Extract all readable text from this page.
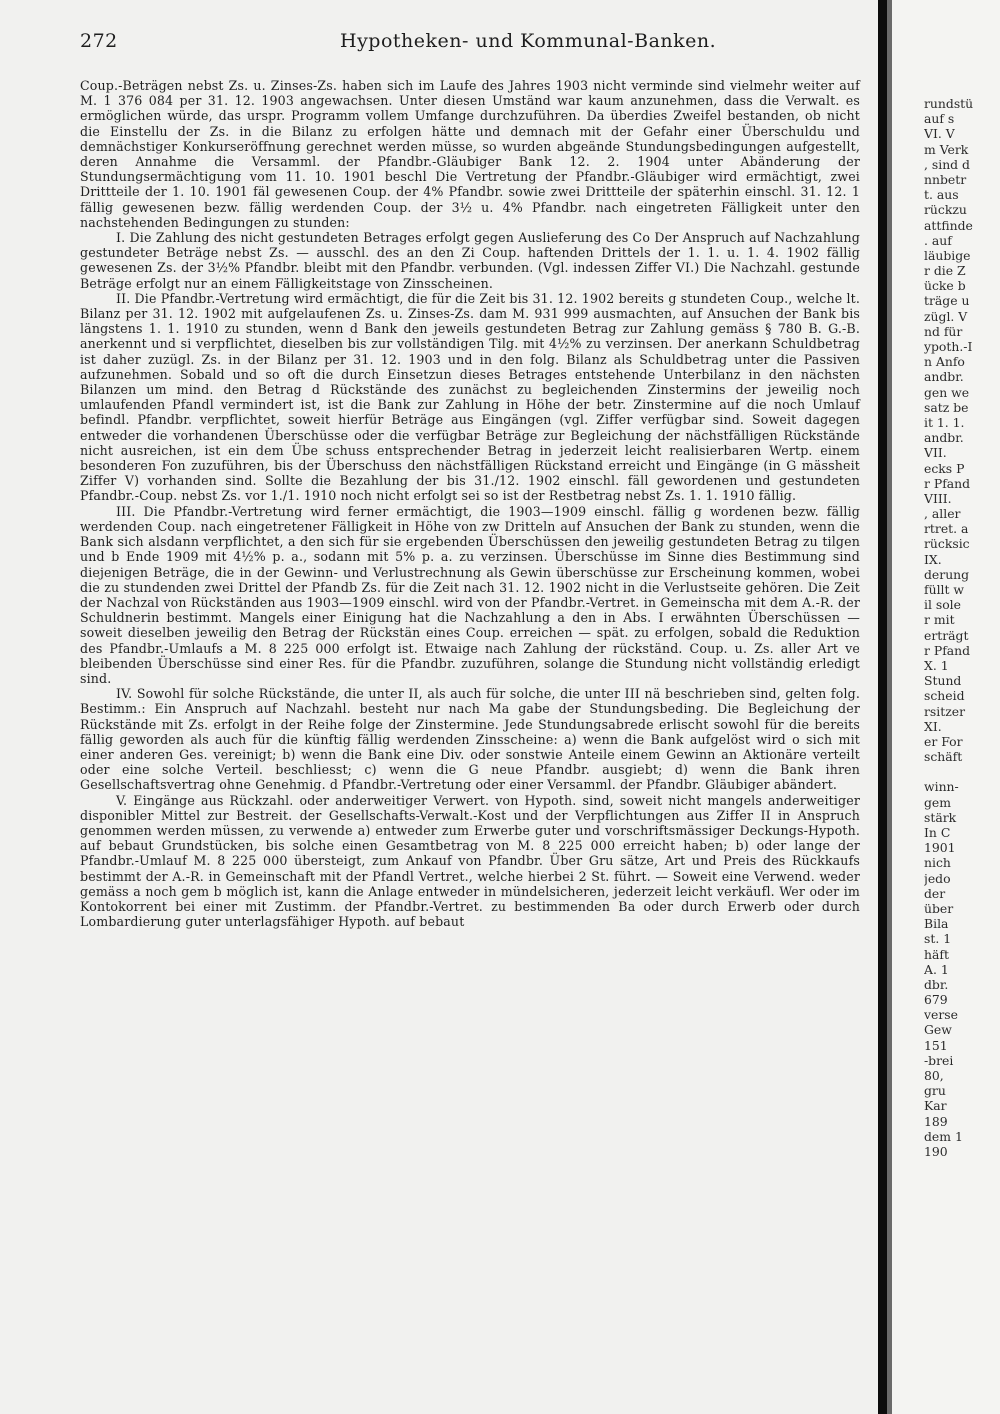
272	Hypotheken- und Kommunal-Banken.

Coup.-Beträgen nebst Zs. u. Zinses-Zs. haben sich im Laufe des Jahres 1903 nicht verminde sind vielmehr weiter auf M. 1 376 084 per 31. 12. 1903 angewachsen. Unter diesen Umständ war kaum anzunehmen, dass die Verwalt. es ermöglichen würde, das urspr. Programm vollem Umfange durchzuführen. Da überdies Zweifel bestanden, ob nicht die Einstellu der Zs. in die Bilanz zu erfolgen hätte und demnach mit der Gefahr einer Überschuldu und demnächstiger Konkurseröffnung gerechnet werden müsse, so wurden abgeände Stundungsbedingungen aufgestellt, deren Annahme die Versamml. der Pfandbr.-Gläubiger Bank 12. 2. 1904 unter Abänderung der Stundungsermächtigung vom 11. 10. 1901 beschl Die Vertretung der Pfandbr.-Gläubiger wird ermächtigt, zwei Drittteile der 1. 10. 1901 fäl gewesenen Coup. der 4% Pfandbr. sowie zwei Drittteile der späterhin einschl. 31. 12. 1 fällig gewesenen bezw. fällig werdenden Coup. der 3½ u. 4% Pfandbr. nach eingetreten Fälligkeit unter den nachstehenden Bedingungen zu stunden:

I. Die Zahlung des nicht gestundeten Betrages erfolgt gegen Auslieferung des Co Der Anspruch auf Nachzahlung gestundeter Beträge nebst Zs. — ausschl. des an den Zi Coup. haftenden Drittels der 1. 1. u. 1. 4. 1902 fällig gewesenen Zs. der 3½% Pfandbr. bleibt mit den Pfandbr. verbunden. (Vgl. indessen Ziffer VI.) Die Nachzahl. gestunde Beträge erfolgt nur an einem Fälligkeitstage von Zinsscheinen.

II. Die Pfandbr.-Vertretung wird ermächtigt, die für die Zeit bis 31. 12. 1902 bereits g stundeten Coup., welche lt. Bilanz per 31. 12. 1902 mit aufgelaufenen Zs. u. Zinses-Zs. dam M. 931 999 ausmachten, auf Ansuchen der Bank bis längstens 1. 1. 1910 zu stunden, wenn d Bank den jeweils gestundeten Betrag zur Zahlung gemäss § 780 B. G.-B. anerkennt und si verpflichtet, dieselben bis zur vollständigen Tilg. mit 4½% zu verzinsen. Der anerkann Schuldbetrag ist daher zuzügl. Zs. in der Bilanz per 31. 12. 1903 und in den folg. Bilanz als Schuldbetrag unter die Passiven aufzunehmen. Sobald und so oft die durch Einsetzun dieses Betrages entstehende Unterbilanz in den nächsten Bilanzen um mind. den Betrag d Rückstände des zunächst zu begleichenden Zinstermins der jeweilig noch umlaufenden Pfandl vermindert ist, ist die Bank zur Zahlung in Höhe der betr. Zinstermine auf die noch Umlauf befindl. Pfandbr. verpflichtet, soweit hierfür Beträge aus Eingängen (vgl. Ziffer verfügbar sind. Soweit dagegen entweder die vorhandenen Überschüsse oder die verfügbar Beträge zur Begleichung der nächstfälligen Rückstände nicht ausreichen, ist ein dem Übe schuss entsprechender Betrag in jederzeit leicht realisierbaren Wertp. einem besonderen Fon zuzuführen, bis der Überschuss den nächstfälligen Rückstand erreicht und Eingänge (in G mässheit Ziffer V) vorhanden sind. Sollte die Bezahlung der bis 31./12. 1902 einschl. fäll gewordenen und gestundeten Pfandbr.-Coup. nebst Zs. vor 1./1. 1910 noch nicht erfolgt sei so ist der Restbetrag nebst Zs. 1. 1. 1910 fällig.

III. Die Pfandbr.-Vertretung wird ferner ermächtigt, die 1903—1909 einschl. fällig g wordenen bezw. fällig werdenden Coup. nach eingetretener Fälligkeit in Höhe von zw Dritteln auf Ansuchen der Bank zu stunden, wenn die Bank sich alsdann verpflichtet, a den sich für sie ergebenden Überschüssen den jeweilig gestundeten Betrag zu tilgen und b Ende 1909 mit 4½% p. a., sodann mit 5% p. a. zu verzinsen. Überschüsse im Sinne dies Bestimmung sind diejenigen Beträge, die in der Gewinn- und Verlustrechnung als Gewin überschüsse zur Erscheinung kommen, wobei die zu stundenden zwei Drittel der Pfandb Zs. für die Zeit nach 31. 12. 1902 nicht in die Verlustseite gehören. Die Zeit der Nachzal von Rückständen aus 1903—1909 einschl. wird von der Pfandbr.-Vertret. in Gemeinscha mit dem A.-R. der Schuldnerin bestimmt. Mangels einer Einigung hat die Nachzahlung a den in Abs. I erwähnten Überschüssen — soweit dieselben jeweilig den Betrag der Rückstän eines Coup. erreichen — spät. zu erfolgen, sobald die Reduktion des Pfandbr.-Umlaufs a M. 8 225 000 erfolgt ist. Etwaige nach Zahlung der rückständ. Coup. u. Zs. aller Art ve bleibenden Überschüsse sind einer Res. für die Pfandbr. zuzuführen, solange die Stundung nicht vollständig erledigt sind.

IV. Sowohl für solche Rückstände, die unter II, als auch für solche, die unter III nä beschrieben sind, gelten folg. Bestimm.: Ein Anspruch auf Nachzahl. besteht nur nach Ma gabe der Stundungsbeding. Die Begleichung der Rückstände mit Zs. erfolgt in der Reihe folge der Zinstermine. Jede Stundungsabrede erlischt sowohl für die bereits fällig geworden als auch für die künftig fällig werdenden Zinsscheine: a) wenn die Bank aufgelöst wird o sich mit einer anderen Ges. vereinigt; b) wenn die Bank eine Div. oder sonstwie Anteile einem Gewinn an Aktionäre verteilt oder eine solche Verteil. beschliesst; c) wenn die G neue Pfandbr. ausgiebt; d) wenn die Bank ihren Gesellschaftsvertrag ohne Genehmig. d Pfandbr.-Vertretung oder einer Versamml. der Pfandbr. Gläubiger abändert.

V. Eingänge aus Rückzahl. oder anderweitiger Verwert. von Hypoth. sind, soweit nicht mangels anderweitiger disponibler Mittel zur Bestreit. der Gesellschafts-Verwalt.-Kost und der Verpflichtungen aus Ziffer II in Anspruch genommen werden müssen, zu verwende a) entweder zum Erwerbe guter und vorschriftsmässiger Deckungs-Hypoth. auf bebaut Grundstücken, bis solche einen Gesamtbetrag von M. 8 225 000 erreicht haben; b) oder lange der Pfandbr.-Umlauf M. 8 225 000 übersteigt, zum Ankauf von Pfandbr. Über Gru sätze, Art und Preis des Rückkaufs bestimmt der A.-R. in Gemeinschaft mit der Pfandl Vertret., welche hierbei 2 St. führt. — Soweit eine Verwend. weder gemäss a noch gem b möglich ist, kann die Anlage entweder in mündelsicheren, jederzeit leicht verkäufl. Wer oder im Kontokorrent bei einer mit Zustimm. der Pfandbr.-Vertret. zu bestimmenden Ba oder durch Erwerb oder durch Lombardierung guter unterlagsfähiger Hypoth. auf bebaut

rundstü
auf s
VI. V
m Verk
, sind d
nnbetr
t. aus
rückzu
attfinde
. auf
läubige
r die Z
ücke b
träge u
zügl. V
nd für
ypoth.-I
n Anfo
andbr.
gen we
satz be
it 1. 1.
andbr.
VII.
ecks P
r Pfand
VIII.
, aller
rtret. a
rücksic
IX.
derung
füllt w
il sole
r mit
erträgt
r Pfand
X. 1
Stund
scheid
rsitzer
XI.
er For
schäft
winn-
gem
stärk
In C
1901
nich
jedo
der
über
Bila
st. 1
häft
A. 1
dbr.
679
verse
Gew
151
-brei
80,
gru
Kar
189
dem 1
190
